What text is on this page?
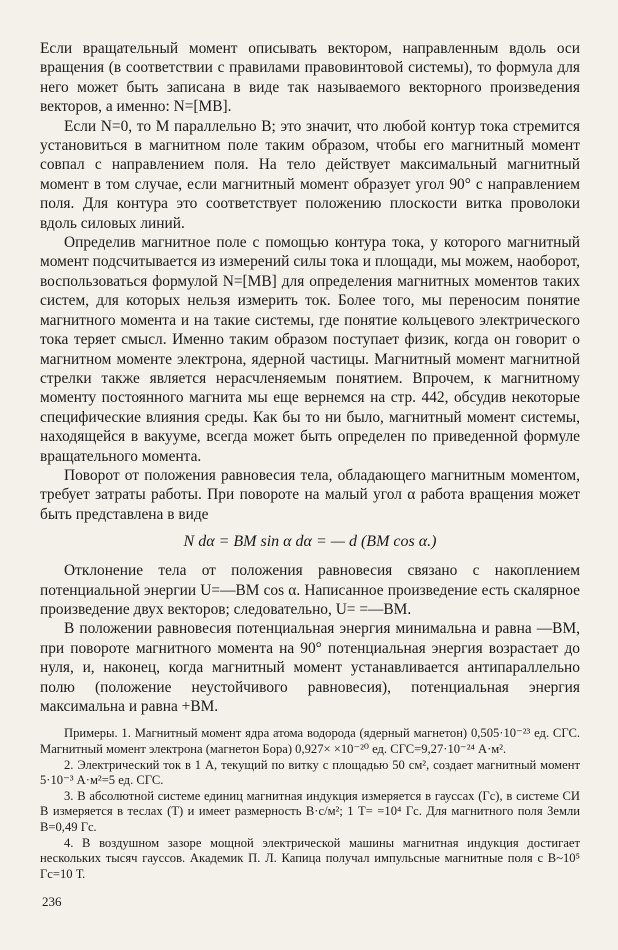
Если вращательный момент описывать вектором, направленным вдоль оси вращения (в соответствии с правилами правовинтовой системы), то формула для него может быть записана в виде так называемого векторного произведения векторов, а именно: N=[MB].

Если N=0, то M параллельно B; это значит, что любой контур тока стремится установиться в магнитном поле таким образом, чтобы его магнитный момент совпал с направлением поля. На тело действует максимальный магнитный момент в том случае, если магнитный момент образует угол 90° с направлением поля. Для контура это соответствует положению плоскости витка проволоки вдоль силовых линий.

Определив магнитное поле с помощью контура тока, у которого магнитный момент подсчитывается из измерений силы тока и площади, мы можем, наоборот, воспользоваться формулой N=[MB] для определения магнитных моментов таких систем, для которых нельзя измерить ток. Более того, мы переносим понятие магнитного момента и на такие системы, где понятие кольцевого электрического тока теряет смысл. Именно таким образом поступает физик, когда он говорит о магнитном моменте электрона, ядерной частицы. Магнитный момент магнитной стрелки также является нерасчленяемым понятием. Впрочем, к магнитному моменту постоянного магнита мы еще вернемся на стр. 442, обсудив некоторые специфические влияния среды. Как бы то ни было, магнитный момент системы, находящейся в вакууме, всегда может быть определен по приведенной формуле вращательного момента.

Поворот от положения равновесия тела, обладающего магнитным моментом, требует затраты работы. При повороте на малый угол α работа вращения может быть представлена в виде

N dα = BM sin α dα = — d (BM cos α.)

Отклонение тела от положения равновесия связано с накоплением потенциальной энергии U=—BM cos α. Написанное произведение есть скалярное произведение двух векторов; следовательно, U= =—BM.

В положении равновесия потенциальная энергия минимальна и равна —BM, при повороте магнитного момента на 90° потенциальная энергия возрастает до нуля, и, наконец, когда магнитный момент устанавливается антипараллельно полю (положение неустойчивого равновесия), потенциальная энергия максимальна и равна +BM.

Примеры. 1. Магнитный момент ядра атома водорода (ядерный магнетон) 0,505·10⁻²³ ед. СГС. Магнитный момент электрона (магнетон Бора) 0,927× ×10⁻²⁰ ед. СГС=9,27·10⁻²⁴ А·м².

2. Электрический ток в 1 А, текущий по витку с площадью 50 см², создает магнитный момент 5·10⁻³ А·м²=5 ед. СГС.

3. В абсолютной системе единиц магнитная индукция измеряется в гауссах (Гс), в системе СИ B измеряется в теслах (Т) и имеет размерность В·с/м²; 1 Т= =10⁴ Гс. Для магнитного поля Земли B=0,49 Гс.

4. В воздушном зазоре мощной электрической машины магнитная индукция достигает нескольких тысяч гауссов. Академик П. Л. Капица получал импульсные магнитные поля с B~10⁵ Гс=10 Т.

236
